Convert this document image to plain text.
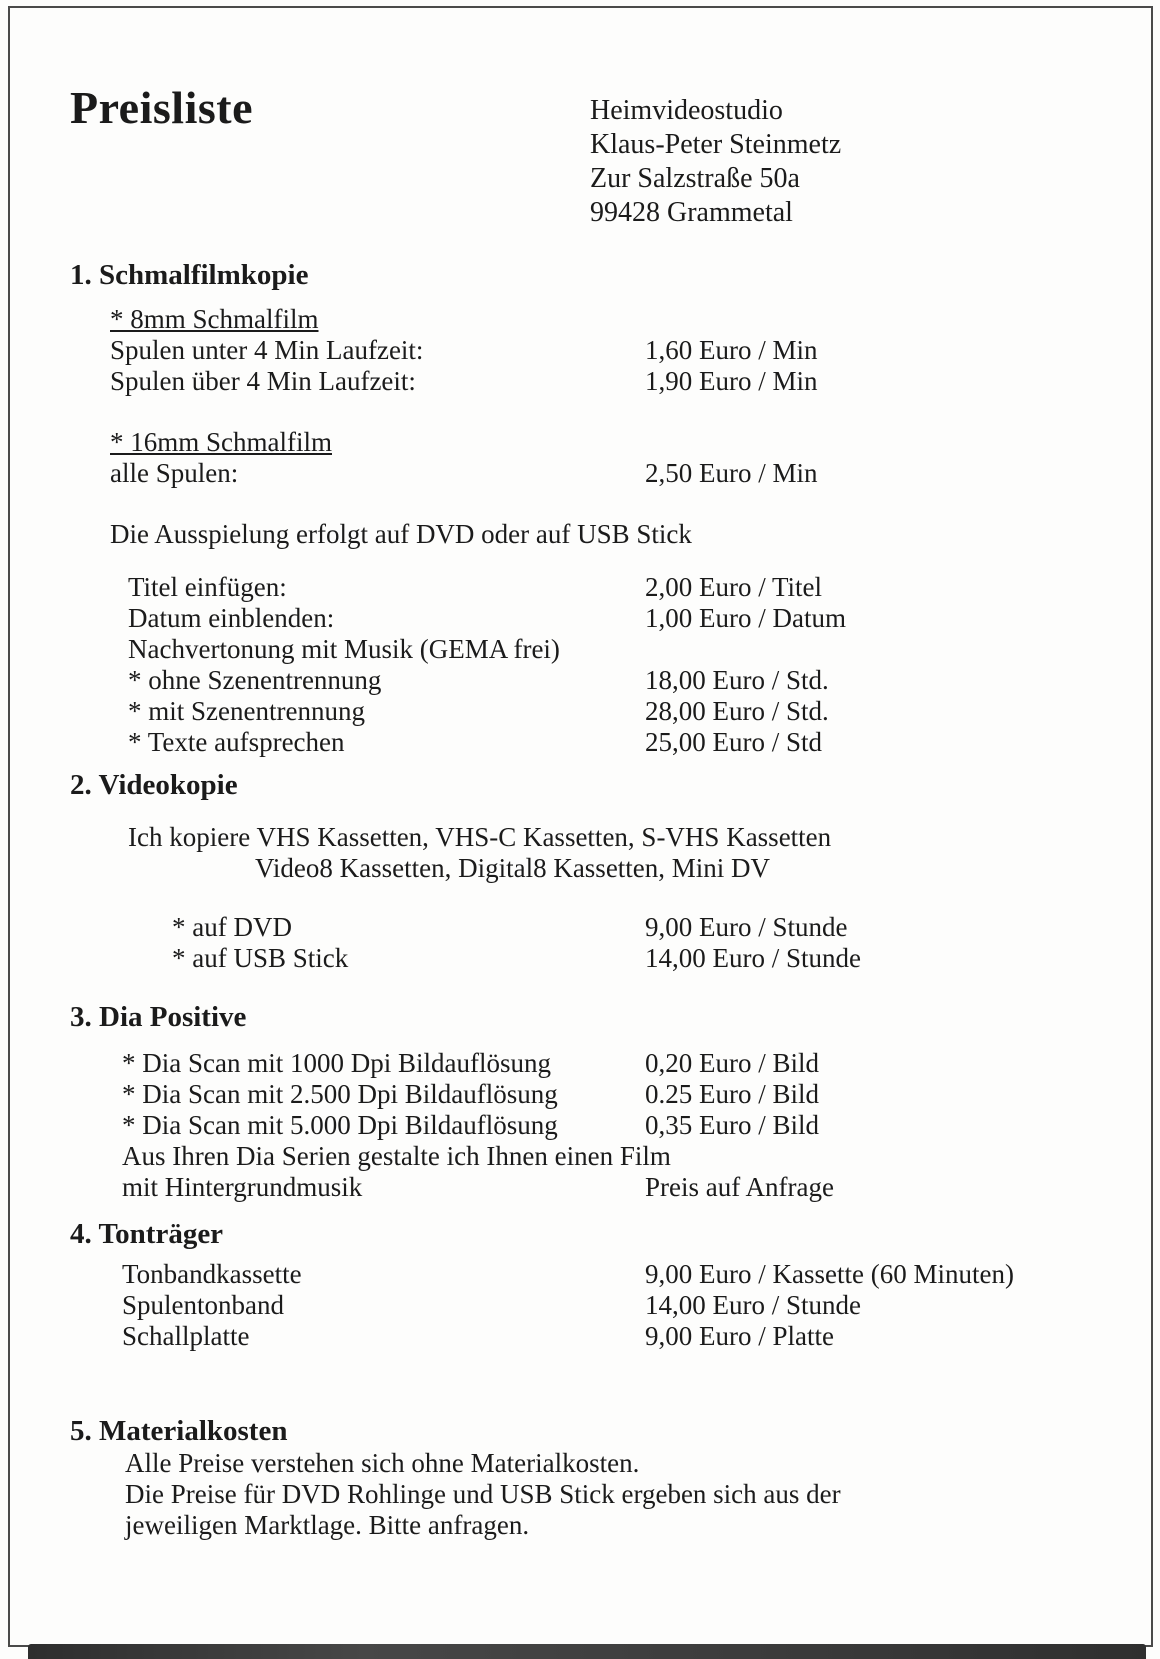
Preisliste	Heimvideostudio
Klaus-Peter Steinmetz
Zur Salzstraße 50a
99428 Grammetal
1. Schmalfilmkopie
* 8mm Schmalfilm
Spulen unter 4 Min Laufzeit:	1,60 Euro / Min
Spulen über 4 Min Laufzeit:	1,90 Euro / Min
* 16mm Schmalfilm
alle Spulen:	2,50 Euro / Min
Die Ausspielung erfolgt auf DVD oder auf USB Stick
Titel einfügen:	2,00 Euro / Titel
Datum einblenden:	1,00 Euro / Datum
Nachvertonung mit Musik (GEMA frei)
* ohne Szenentrennung	18,00 Euro / Std.
* mit Szenentrennung	28,00 Euro / Std.
* Texte aufsprechen	25,00 Euro / Std
2. Videokopie
Ich kopiere VHS Kassetten, VHS-C Kassetten, S-VHS Kassetten
Video8 Kassetten, Digital8 Kassetten, Mini DV
* auf DVD	9,00 Euro / Stunde
* auf USB Stick	14,00 Euro / Stunde
3. Dia Positive
* Dia Scan mit 1000 Dpi Bildauflösung	0,20 Euro / Bild
* Dia Scan mit 2.500 Dpi Bildauflösung	0.25 Euro / Bild
* Dia Scan mit 5.000 Dpi Bildauflösung	0,35 Euro / Bild
Aus Ihren Dia Serien gestalte ich Ihnen einen Film
mit Hintergrundmusik	Preis auf Anfrage
4. Tonträger
Tonbandkassette	9,00 Euro / Kassette (60 Minuten)
Spulentonband	14,00 Euro / Stunde
Schallplatte	9,00 Euro / Platte
5. Materialkosten
Alle Preise verstehen sich ohne Materialkosten.
Die Preise für DVD Rohlinge und USB Stick ergeben sich aus der
jeweiligen Marktlage. Bitte anfragen.
